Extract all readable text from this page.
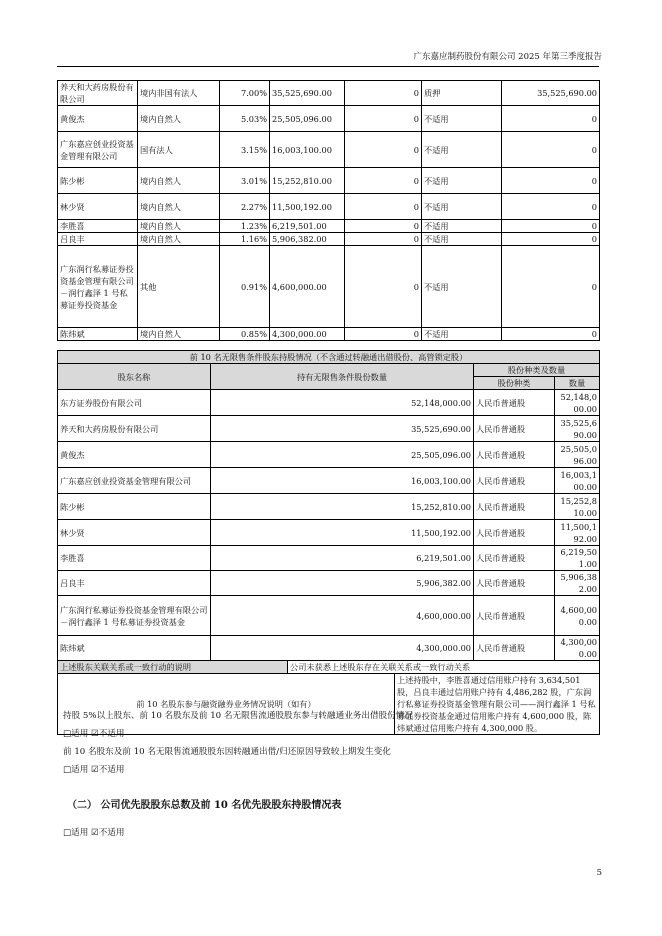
广东嘉应制药股份有限公司 2025 年第三季度报告
养天和大药房股份有限公司	境内非国有法人	7.00%	35,525,690.00	0	质押	35,525,690.00
黄俊杰	境内自然人	5.03%	25,505,096.00	0	不适用	0
广东嘉应创业投资基金管理有限公司	国有法人	3.15%	16,003,100.00	0	不适用	0
陈少彬	境内自然人	3.01%	15,252,810.00	0	不适用	0
林少贤	境内自然人	2.27%	11,500,192.00	0	不适用	0
李胜喜	境内自然人	1.23%	6,219,501.00	0	不适用	0
吕良丰	境内自然人	1.16%	5,906,382.00	0	不适用	0
广东润行私募证券投资基金管理有限公司－润行鑫泽 1 号私募证券投资基金	其他	0.91%	4,600,000.00	0	不适用	0
陈炜斌	境内自然人	0.85%	4,300,000.00	0	不适用	0
前 10 名无限售条件股东持股情况（不含通过转融通出借股份、高管锁定股）					
股东名称	持有无限售条件股份数量			股份种类及数量	
				股份种类	数量
东方证券股份有限公司	52,148,000.00			人民币普通股	52,148,000.00
养天和大药房股份有限公司	35,525,690.00			人民币普通股	35,525,690.00
黄俊杰	25,505,096.00			人民币普通股	25,505,096.00
广东嘉应创业投资基金管理有限公司	16,003,100.00			人民币普通股	16,003,100.00
陈少彬	15,252,810.00			人民币普通股	15,252,810.00
林少贤	11,500,192.00			人民币普通股	11,500,192.00
李胜喜	6,219,501.00			人民币普通股	6,219,501.00
吕良丰	5,906,382.00			人民币普通股	5,906,382.00
广东润行私募证券投资基金管理有限公司－润行鑫泽 1 号私募证券投资基金	4,600,000.00			人民币普通股	4,600,000.00
陈炜斌	4,300,000.00			人民币普通股	4,300,000.00
上述股东关联关系或一致行动的说明		公司未获悉上述股东存在关联关系或一致行动关系			
前 10 名股东参与融资融券业务情况说明（如有）			上述持股中，李胜喜通过信用账户持有 3,634,501 股，吕良丰通过信用账户持有 4,486,282 股，广东润行私募证券投资基金管理有限公司——润行鑫泽 1 号私募证券投资基金通过信用账户持有 4,600,000 股，陈炜斌通过信用账户持有 4,300,000 股。		
持股 5%以上股东、前 10 名股东及前 10 名无限售流通股股东参与转融通业务出借股份情况
□适用 ☑不适用
前 10 名股东及前 10 名无限售流通股股东因转融通出借/归还原因导致较上期发生变化
□适用 ☑不适用
（二） 公司优先股股东总数及前 10 名优先股股东持股情况表
□适用 ☑不适用
5
